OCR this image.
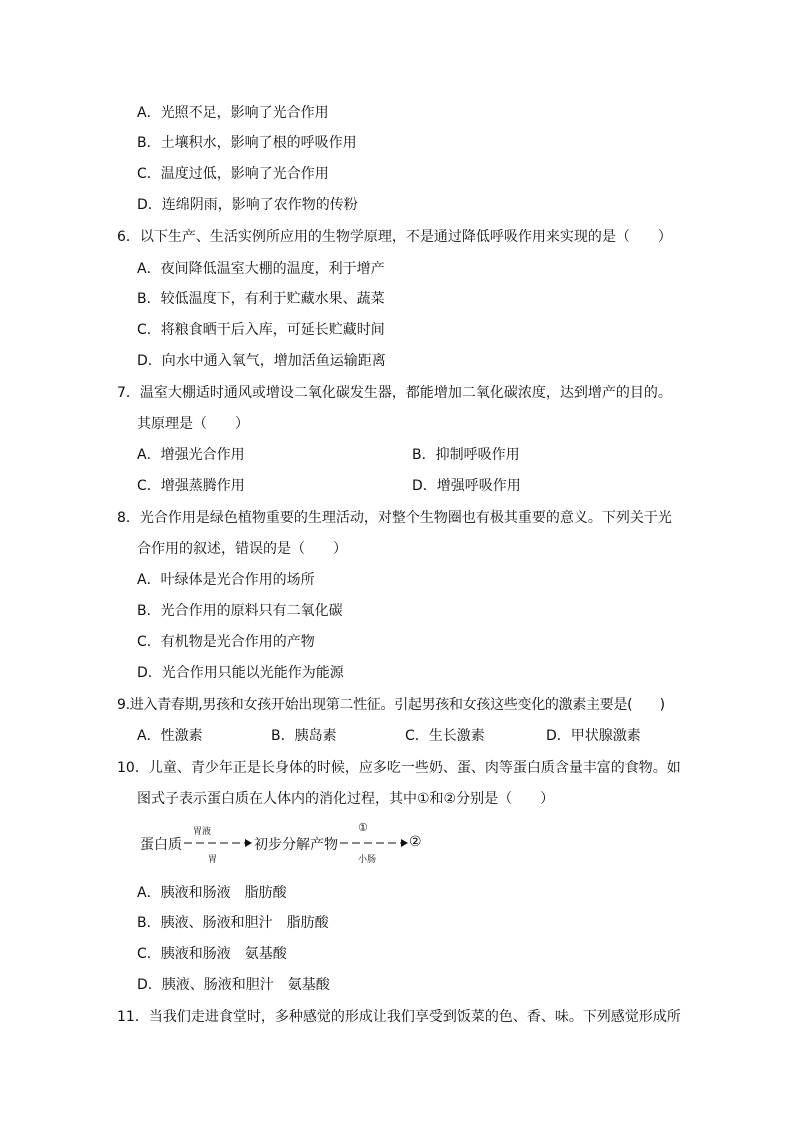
A．光照不足，影响了光合作用
B．土壤积水，影响了根的呼吸作用
C．温度过低，影响了光合作用
D．连绵阴雨，影响了农作物的传粉
6．以下生产、生活实例所应用的生物学原理，不是通过降低呼吸作用来实现的是（　　）
A．夜间降低温室大棚的温度，利于增产
B．较低温度下，有利于贮藏水果、蔬菜
C．将粮食晒干后入库，可延长贮藏时间
D．向水中通入氧气，增加活鱼运输距离
7．温室大棚适时通风或增设二氧化碳发生器，都能增加二氧化碳浓度，达到增产的目的。
其原理是（　　）
A．增强光合作用	B．抑制呼吸作用
C．增强蒸腾作用	D．增强呼吸作用
8．光合作用是绿色植物重要的生理活动，对整个生物圈也有极其重要的意义。下列关于光
合作用的叙述，错误的是（　　）
A．叶绿体是光合作用的场所
B．光合作用的原料只有二氧化碳
C．有机物是光合作用的产物
D．光合作用只能以光能作为能源
9.进入青春期,男孩和女孩开始出现第二性征。引起男孩和女孩这些变化的激素主要是(　　)
A．性激素	B．胰岛素	C．生长激素	D．甲状腺激素
10．儿童、青少年正是长身体的时候，应多吃一些奶、蛋、肉等蛋白质含量丰富的食物。如
图式子表示蛋白质在人体内的消化过程，其中①和②分别是（　　）
蛋白质
胃液
胃
初步分解产物
①
小肠
②
A．胰液和肠液　脂肪酸
B．胰液、肠液和胆汁　脂肪酸
C．胰液和肠液　氨基酸
D．胰液、肠液和胆汁　氨基酸
11．当我们走进食堂时，多种感觉的形成让我们享受到饭菜的色、香、味。下列感觉形成所
